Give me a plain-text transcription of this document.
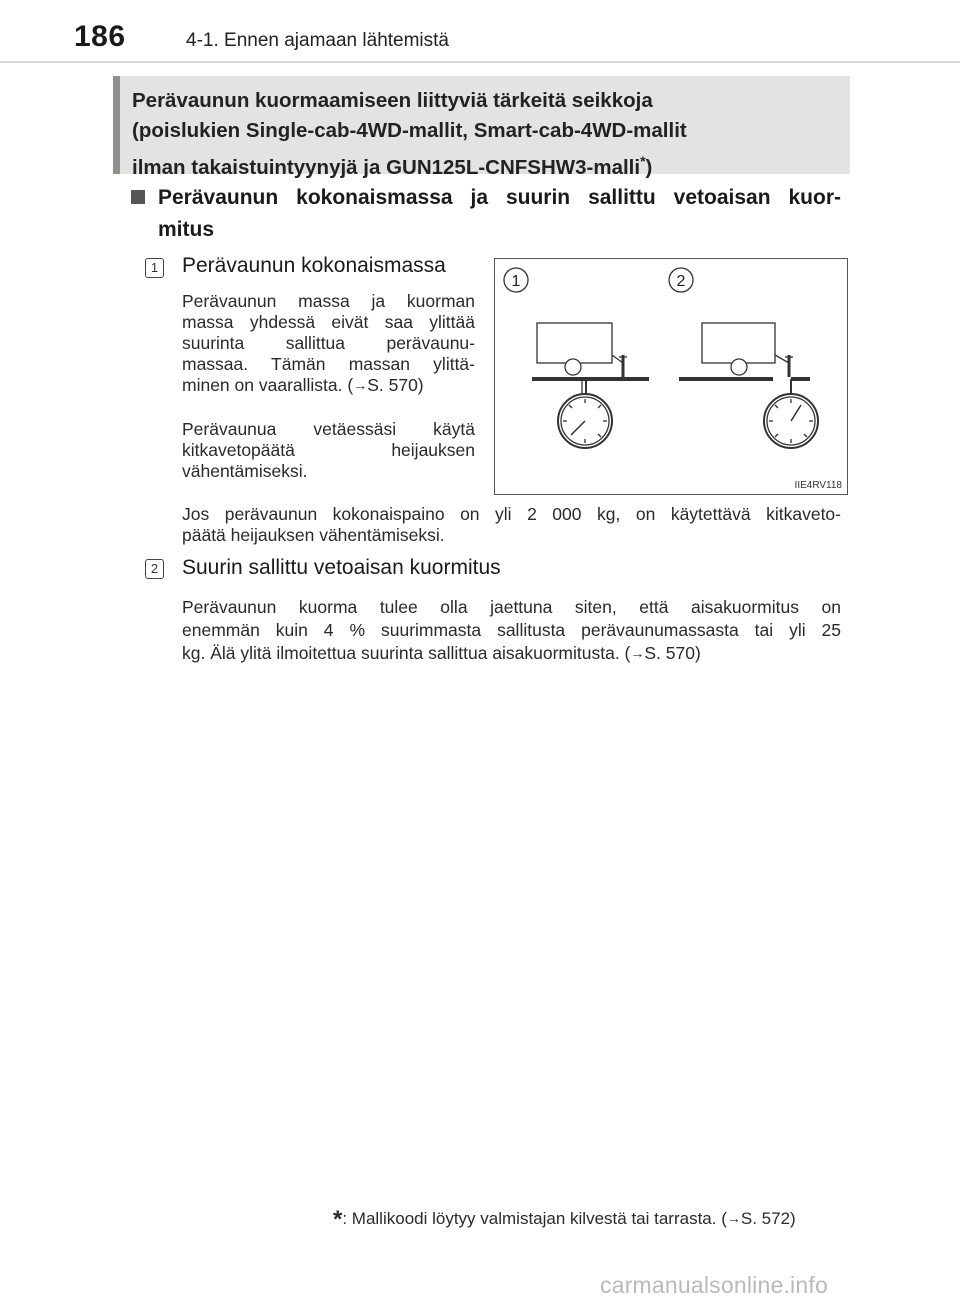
186	4-1. Ennen ajamaan lähtemistä
Perävaunun kuormaamiseen liittyviä tärkeitä seikkoja
(poislukien Single-cab-4WD-mallit, Smart-cab-4WD-mallit
ilman takaistuintyynyjä ja GUN125L-CNFSHW3-malli*)
Perävaunun kokonaismassa ja suurin sallittu vetoaisan kuor-
mitus
1 Perävaunun kokonaismassa
Perävaunun massa ja kuorman
massa yhdessä eivät saa ylittää
suurinta sallittua perävaunu-
massaa. Tämän massan ylittä-
minen on vaarallista. (→S. 570)
Perävaunua vetäessäsi käytä
kitkavetopäätä heijauksen
vähentämiseksi.
Jos perävaunun kokonaispaino on yli 2 000 kg, on käytettävä kitkaveto-
päätä heijauksen vähentämiseksi.
1	2
IIE4RV118
2 Suurin sallittu vetoaisan kuormitus
Perävaunun kuorma tulee olla jaettuna siten, että aisakuormitus on
enemmän kuin 4 % suurimmasta sallitusta perävaunumassasta tai yli 25
kg. Älä ylitä ilmoitettua suurinta sallittua aisakuormitusta. (→S. 570)
*: Mallikoodi löytyy valmistajan kilvestä tai tarrasta. (→S. 572)
carmanualsonline.info
